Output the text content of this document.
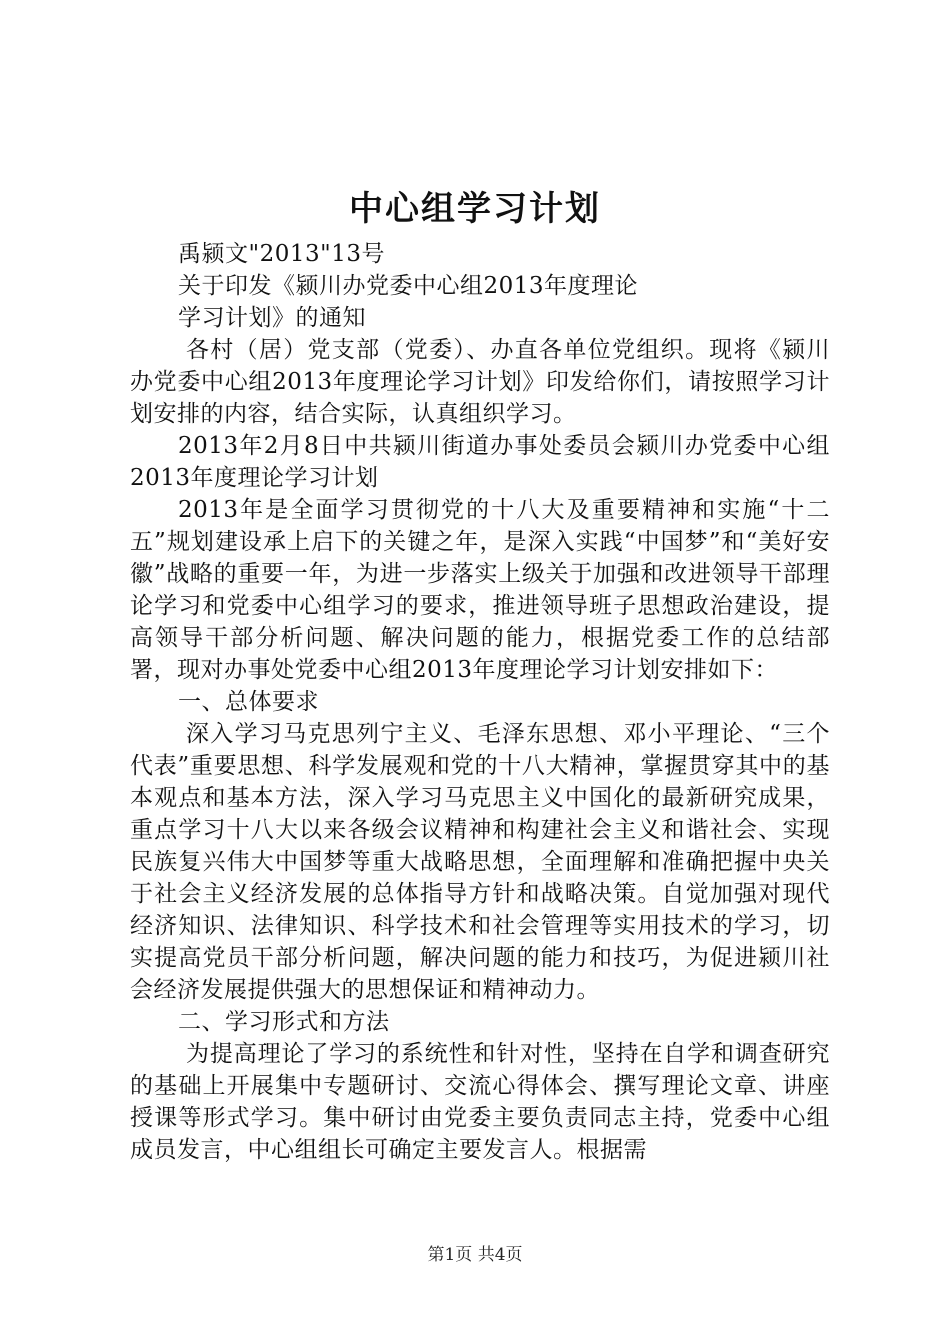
中心组学习计划
禹颍文"2013"13号
关于印发《颍川办党委中心组2013年度理论
学习计划》的通知

各村（居）党支部（党委）、办直各单位党组织。现将《颍川办党委中心组2013年度理论学习计划》印发给你们，请按照学习计划安排的内容，结合实际，认真组织学习。

2013年2月8日中共颍川街道办事处委员会颍川办党委中心组2013年度理论学习计划

2013年是全面学习贯彻党的十八大及重要精神和实施“十二五”规划建设承上启下的关键之年，是深入实践“中国梦”和“美好安徽”战略的重要一年，为进一步落实上级关于加强和改进领导干部理论学习和党委中心组学习的要求，推进领导班子思想政治建设，提高领导干部分析问题、解决问题的能力，根据党委工作的总结部署，现对办事处党委中心组2013年度理论学习计划安排如下：

一、总体要求

深入学习马克思列宁主义、毛泽东思想、邓小平理论、“三个代表”重要思想、科学发展观和党的十八大精神，掌握贯穿其中的基本观点和基本方法，深入学习马克思主义中国化的最新研究成果，重点学习十八大以来各级会议精神和构建社会主义和谐社会、实现民族复兴伟大中国梦等重大战略思想，全面理解和准确把握中央关于社会主义经济发展的总体指导方针和战略决策。自觉加强对现代经济知识、法律知识、科学技术和社会管理等实用技术的学习，切实提高党员干部分析问题，解决问题的能力和技巧，为促进颍川社会经济发展提供强大的思想保证和精神动力。

二、学习形式和方法

为提高理论了学习的系统性和针对性，坚持在自学和调查研究的基础上开展集中专题研讨、交流心得体会、撰写理论文章、讲座授课等形式学习。集中研讨由党委主要负责同志主持，党委中心组成员发言，中心组组长可确定主要发言人。根据需

第1页 共4页
